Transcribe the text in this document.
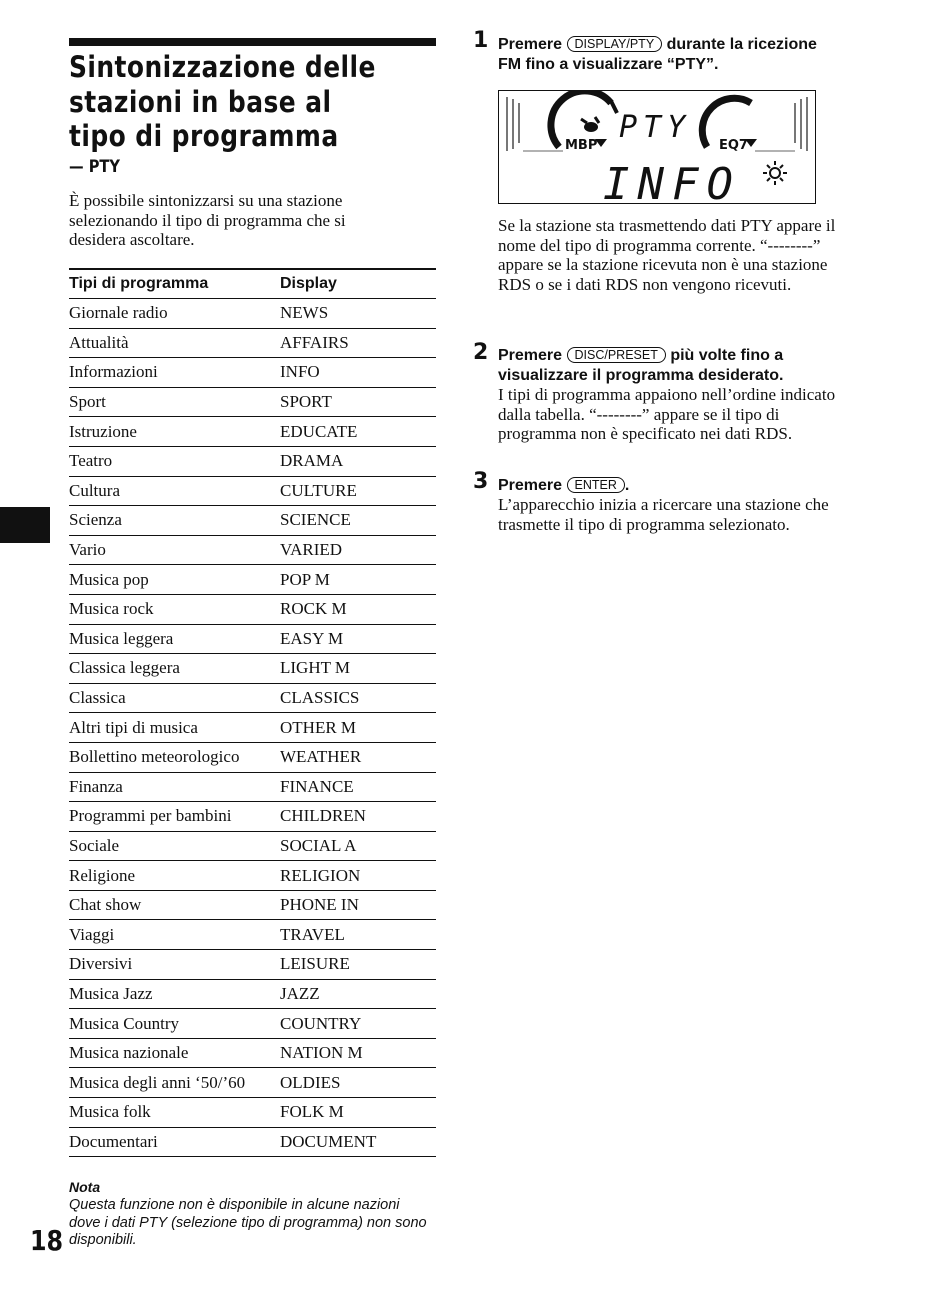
Sintonizzazione delle stazioni in base al tipo di programma
— PTY

È possibile sintonizzarsi su una stazione selezionando il tipo di programma che si desidera ascoltare.

Tipi di programma	Display
Giornale radio	NEWS
Attualità	AFFAIRS
Informazioni	INFO
Sport	SPORT
Istruzione	EDUCATE
Teatro	DRAMA
Cultura	CULTURE
Scienza	SCIENCE
Vario	VARIED
Musica pop	POP M
Musica rock	ROCK M
Musica leggera	EASY M
Classica leggera	LIGHT M
Classica	CLASSICS
Altri tipi di musica	OTHER M
Bollettino meteorologico	WEATHER
Finanza	FINANCE
Programmi per bambini	CHILDREN
Sociale	SOCIAL A
Religione	RELIGION
Chat show	PHONE IN
Viaggi	TRAVEL
Diversivi	LEISURE
Musica Jazz	JAZZ
Musica Country	COUNTRY
Musica nazionale	NATION M
Musica degli anni ‘50/’60	OLDIES
Musica folk	FOLK M
Documentari	DOCUMENT
Nota

Questa funzione non è disponibile in alcune nazioni dove i dati PTY (selezione tipo di programma) non sono disponibili.

18
1 Premere DISPLAY/PTY durante la ricezione FM fino a visualizzare “PTY”.

MBP	EQ7
PTY
INFO

Se la stazione sta trasmettendo dati PTY appare il nome del tipo di programma corrente. “--------” appare se la stazione ricevuta non è una stazione RDS o se i dati RDS non vengono ricevuti.

2 Premere DISC/PRESET più volte fino a visualizzare il programma desiderato.

I tipi di programma appaiono nell’ordine indicato dalla tabella. “--------” appare se il tipo di programma non è specificato nei dati RDS.

3 Premere ENTER .

L’apparecchio inizia a ricercare una stazione che trasmette il tipo di programma selezionato.
